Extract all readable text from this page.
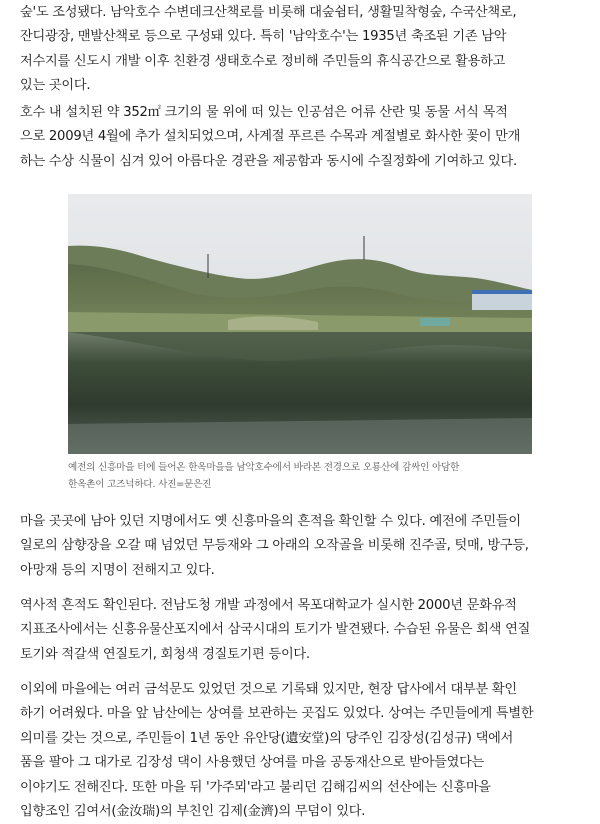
숲'도 조성됐다. 남악호수 수변데크산책로를 비롯해 대숲쉼터, 생활밀착형숲, 수국산책로,
잔디광장, 맨발산책로 등으로 구성돼 있다. 특히 '남악호수'는 1935년 축조된 기존 남악
저수지를 신도시 개발 이후 친환경 생태호수로 정비해 주민들의 휴식공간으로 활용하고
있는 곳이다.

호수 내 설치된 약 352㎡ 크기의 물 위에 떠 있는 인공섬은 어류 산란 및 동물 서식 목적
으로 2009년 4월에 추가 설치되었으며, 사계절 푸르른 수목과 계절별로 화사한 꽃이 만개
하는 수상 식물이 심겨 있어 아름다운 경관을 제공함과 동시에 수질정화에 기여하고 있다.

예전의 신흥마을 터에 들어온 한옥마을을 남악호수에서 바라본 전경으로 오룡산에 감싸인 아담한
한옥촌이 고즈넉하다. 사진=문은진

마을 곳곳에 남아 있던 지명에서도 옛 신흥마을의 흔적을 확인할 수 있다. 예전에 주민들이
일로의 삼향장을 오갈 때 넘었던 무등재와 그 아래의 오작골을 비롯해 진주골, 텃매, 방구등,
아망재 등의 지명이 전해지고 있다.

역사적 흔적도 확인된다. 전남도청 개발 과정에서 목포대학교가 실시한 2000년 문화유적
지표조사에서는 신흥유물산포지에서 삼국시대의 토기가 발견됐다. 수습된 유물은 회색 연질
토기와 적갈색 연질토기, 회청색 경질토기편 등이다.

이외에 마을에는 여러 금석문도 있었던 것으로 기록돼 있지만, 현장 답사에서 대부분 확인
하기 어려웠다. 마을 앞 남산에는 상여를 보관하는 곳집도 있었다. 상여는 주민들에게 특별한
의미를 갖는 것으로, 주민들이 1년 동안 유안당(遺安堂)의 당주인 김장성(김성규) 댁에서
품을 팔아 그 대가로 김장성 댁이 사용했던 상여를 마을 공동재산으로 받아들였다는
이야기도 전해진다. 또한 마을 뒤 '가주뫼'라고 불리던 김해김씨의 선산에는 신흥마을
입향조인 김여서(金汝瑞)의 부친인 김제(金濟)의 무덤이 있다.
